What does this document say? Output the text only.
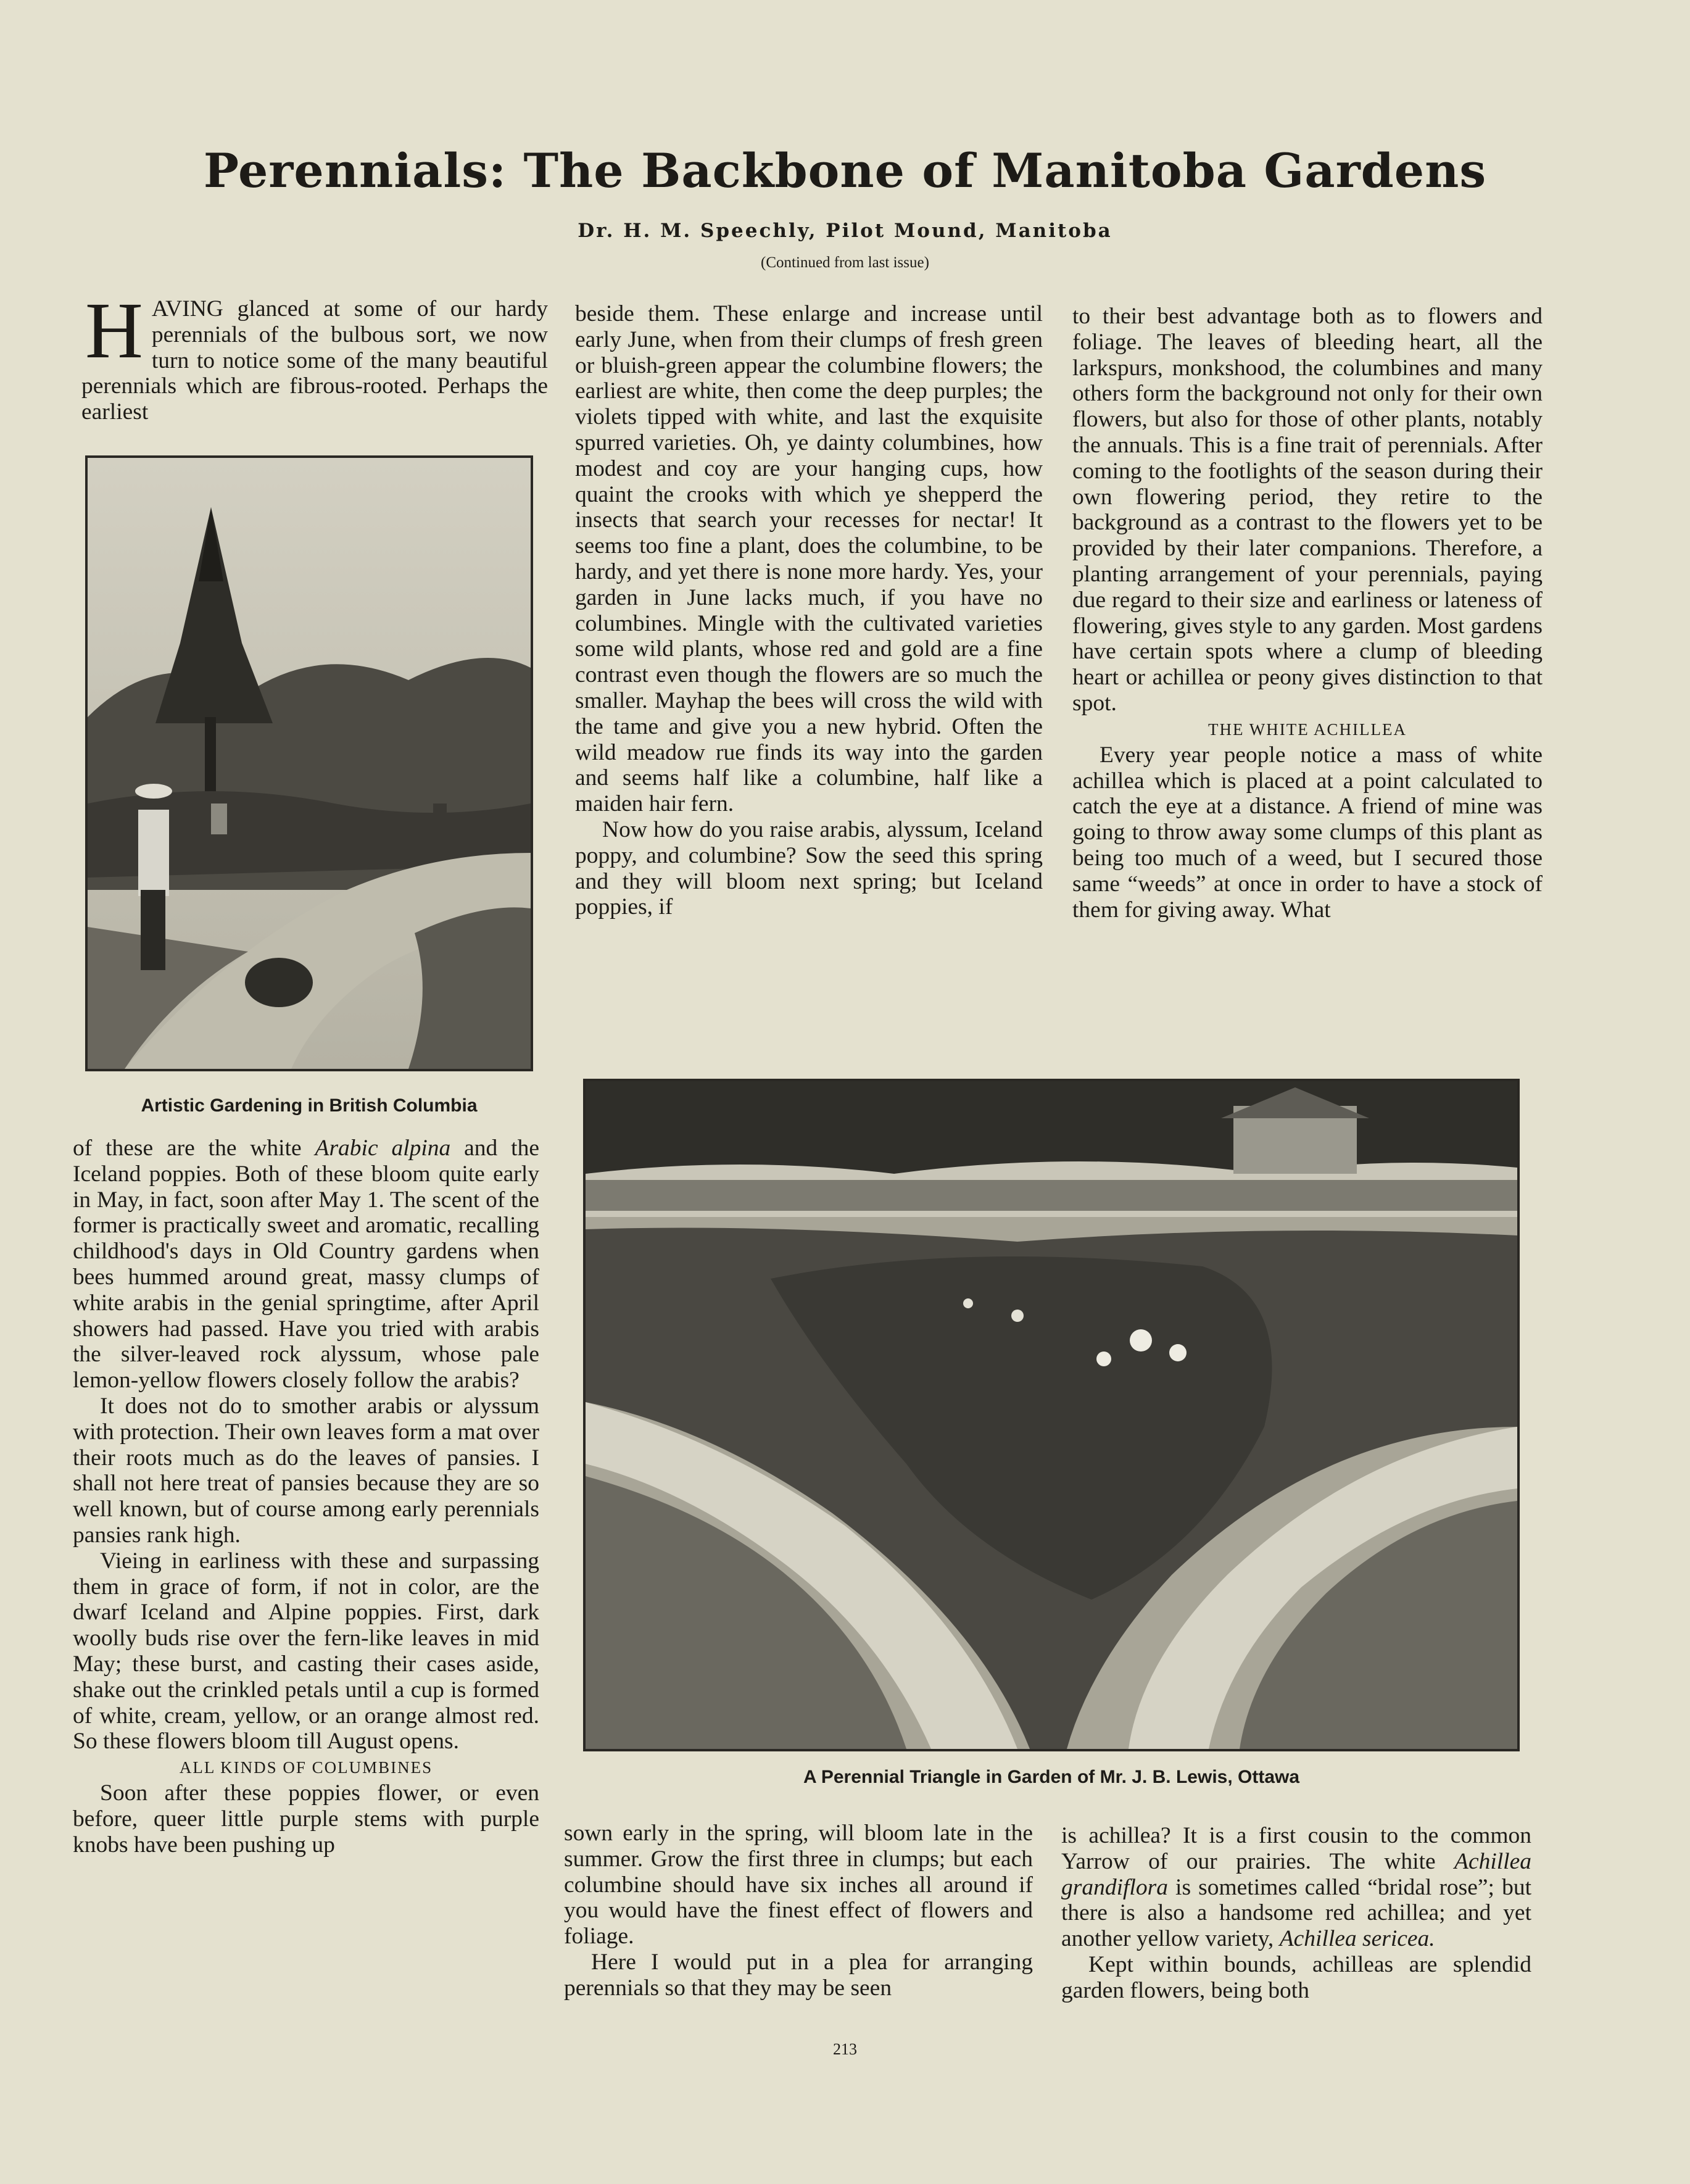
Perennials: The Backbone of Manitoba Gardens
Dr. H. M. Speechly, Pilot Mound, Manitoba
(Continued from last issue)

HAVING glanced at some of our hardy perennials of the bulbous sort, we now turn to notice some of the many beautiful perennials which are fibrous-rooted. Perhaps the earliest

Artistic Gardening in British Columbia

of these are the white Arabic alpina and the Iceland poppies. Both of these bloom quite early in May, in fact, soon after May 1. The scent of the former is practically sweet and aromatic, recalling childhood's days in Old Country gardens when bees hummed around great, massy clumps of white arabis in the genial springtime, after April showers had passed. Have you tried with arabis the silver-leaved rock alyssum, whose pale lemon-yellow flowers closely follow the arabis?

It does not do to smother arabis or alyssum with protection. Their own leaves form a mat over their roots much as do the leaves of pansies. I shall not here treat of pansies because they are so well known, but of course among early perennials pansies rank high.

Vieing in earliness with these and surpassing them in grace of form, if not in color, are the dwarf Iceland and Alpine poppies. First, dark woolly buds rise over the fern-like leaves in mid May; these burst, and casting their cases aside, shake out the crinkled petals until a cup is formed of white, cream, yellow, or an orange almost red. So these flowers bloom till August opens.

ALL KINDS OF COLUMBINES

Soon after these poppies flower, or even before, queer little purple stems with purple knobs have been pushing up

beside them. These enlarge and increase until early June, when from their clumps of fresh green or bluish-green appear the columbine flowers; the earliest are white, then come the deep purples; the violets tipped with white, and last the exquisite spurred varieties. Oh, ye dainty columbines, how modest and coy are your hanging cups, how quaint the crooks with which ye shepperd the insects that search your recesses for nectar! It seems too fine a plant, does the columbine, to be hardy, and yet there is none more hardy. Yes, your garden in June lacks much, if you have no columbines. Mingle with the cultivated varieties some wild plants, whose red and gold are a fine contrast even though the flowers are so much the smaller. Mayhap the bees will cross the wild with the tame and give you a new hybrid. Often the wild meadow rue finds its way into the garden and seems half like a columbine, half like a maiden hair fern.

Now how do you raise arabis, alyssum, Iceland poppy, and columbine? Sow the seed this spring and they will bloom next spring; but Iceland poppies, if

to their best advantage both as to flowers and foliage. The leaves of bleeding heart, all the larkspurs, monkshood, the columbines and many others form the background not only for their own flowers, but also for those of other plants, notably the annuals. This is a fine trait of perennials. After coming to the footlights of the season during their own flowering period, they retire to the background as a contrast to the flowers yet to be provided by their later companions. Therefore, a planting arrangement of your perennials, paying due regard to their size and earliness or lateness of flowering, gives style to any garden. Most gardens have certain spots where a clump of bleeding heart or achillea or peony gives distinction to that spot.

THE WHITE ACHILLEA

Every year people notice a mass of white achillea which is placed at a point calculated to catch the eye at a distance. A friend of mine was going to throw away some clumps of this plant as being too much of a weed, but I secured those same “weeds” at once in order to have a stock of them for giving away. What

A Perennial Triangle in Garden of Mr. J. B. Lewis, Ottawa

sown early in the spring, will bloom late in the summer. Grow the first three in clumps; but each columbine should have six inches all around if you would have the finest effect of flowers and foliage.

Here I would put in a plea for arranging perennials so that they may be seen

is achillea? It is a first cousin to the common Yarrow of our prairies. The white Achillea grandiflora is sometimes called “bridal rose”; but there is also a handsome red achillea; and yet another yellow variety, Achillea sericea.

Kept within bounds, achilleas are splendid garden flowers, being both

213
